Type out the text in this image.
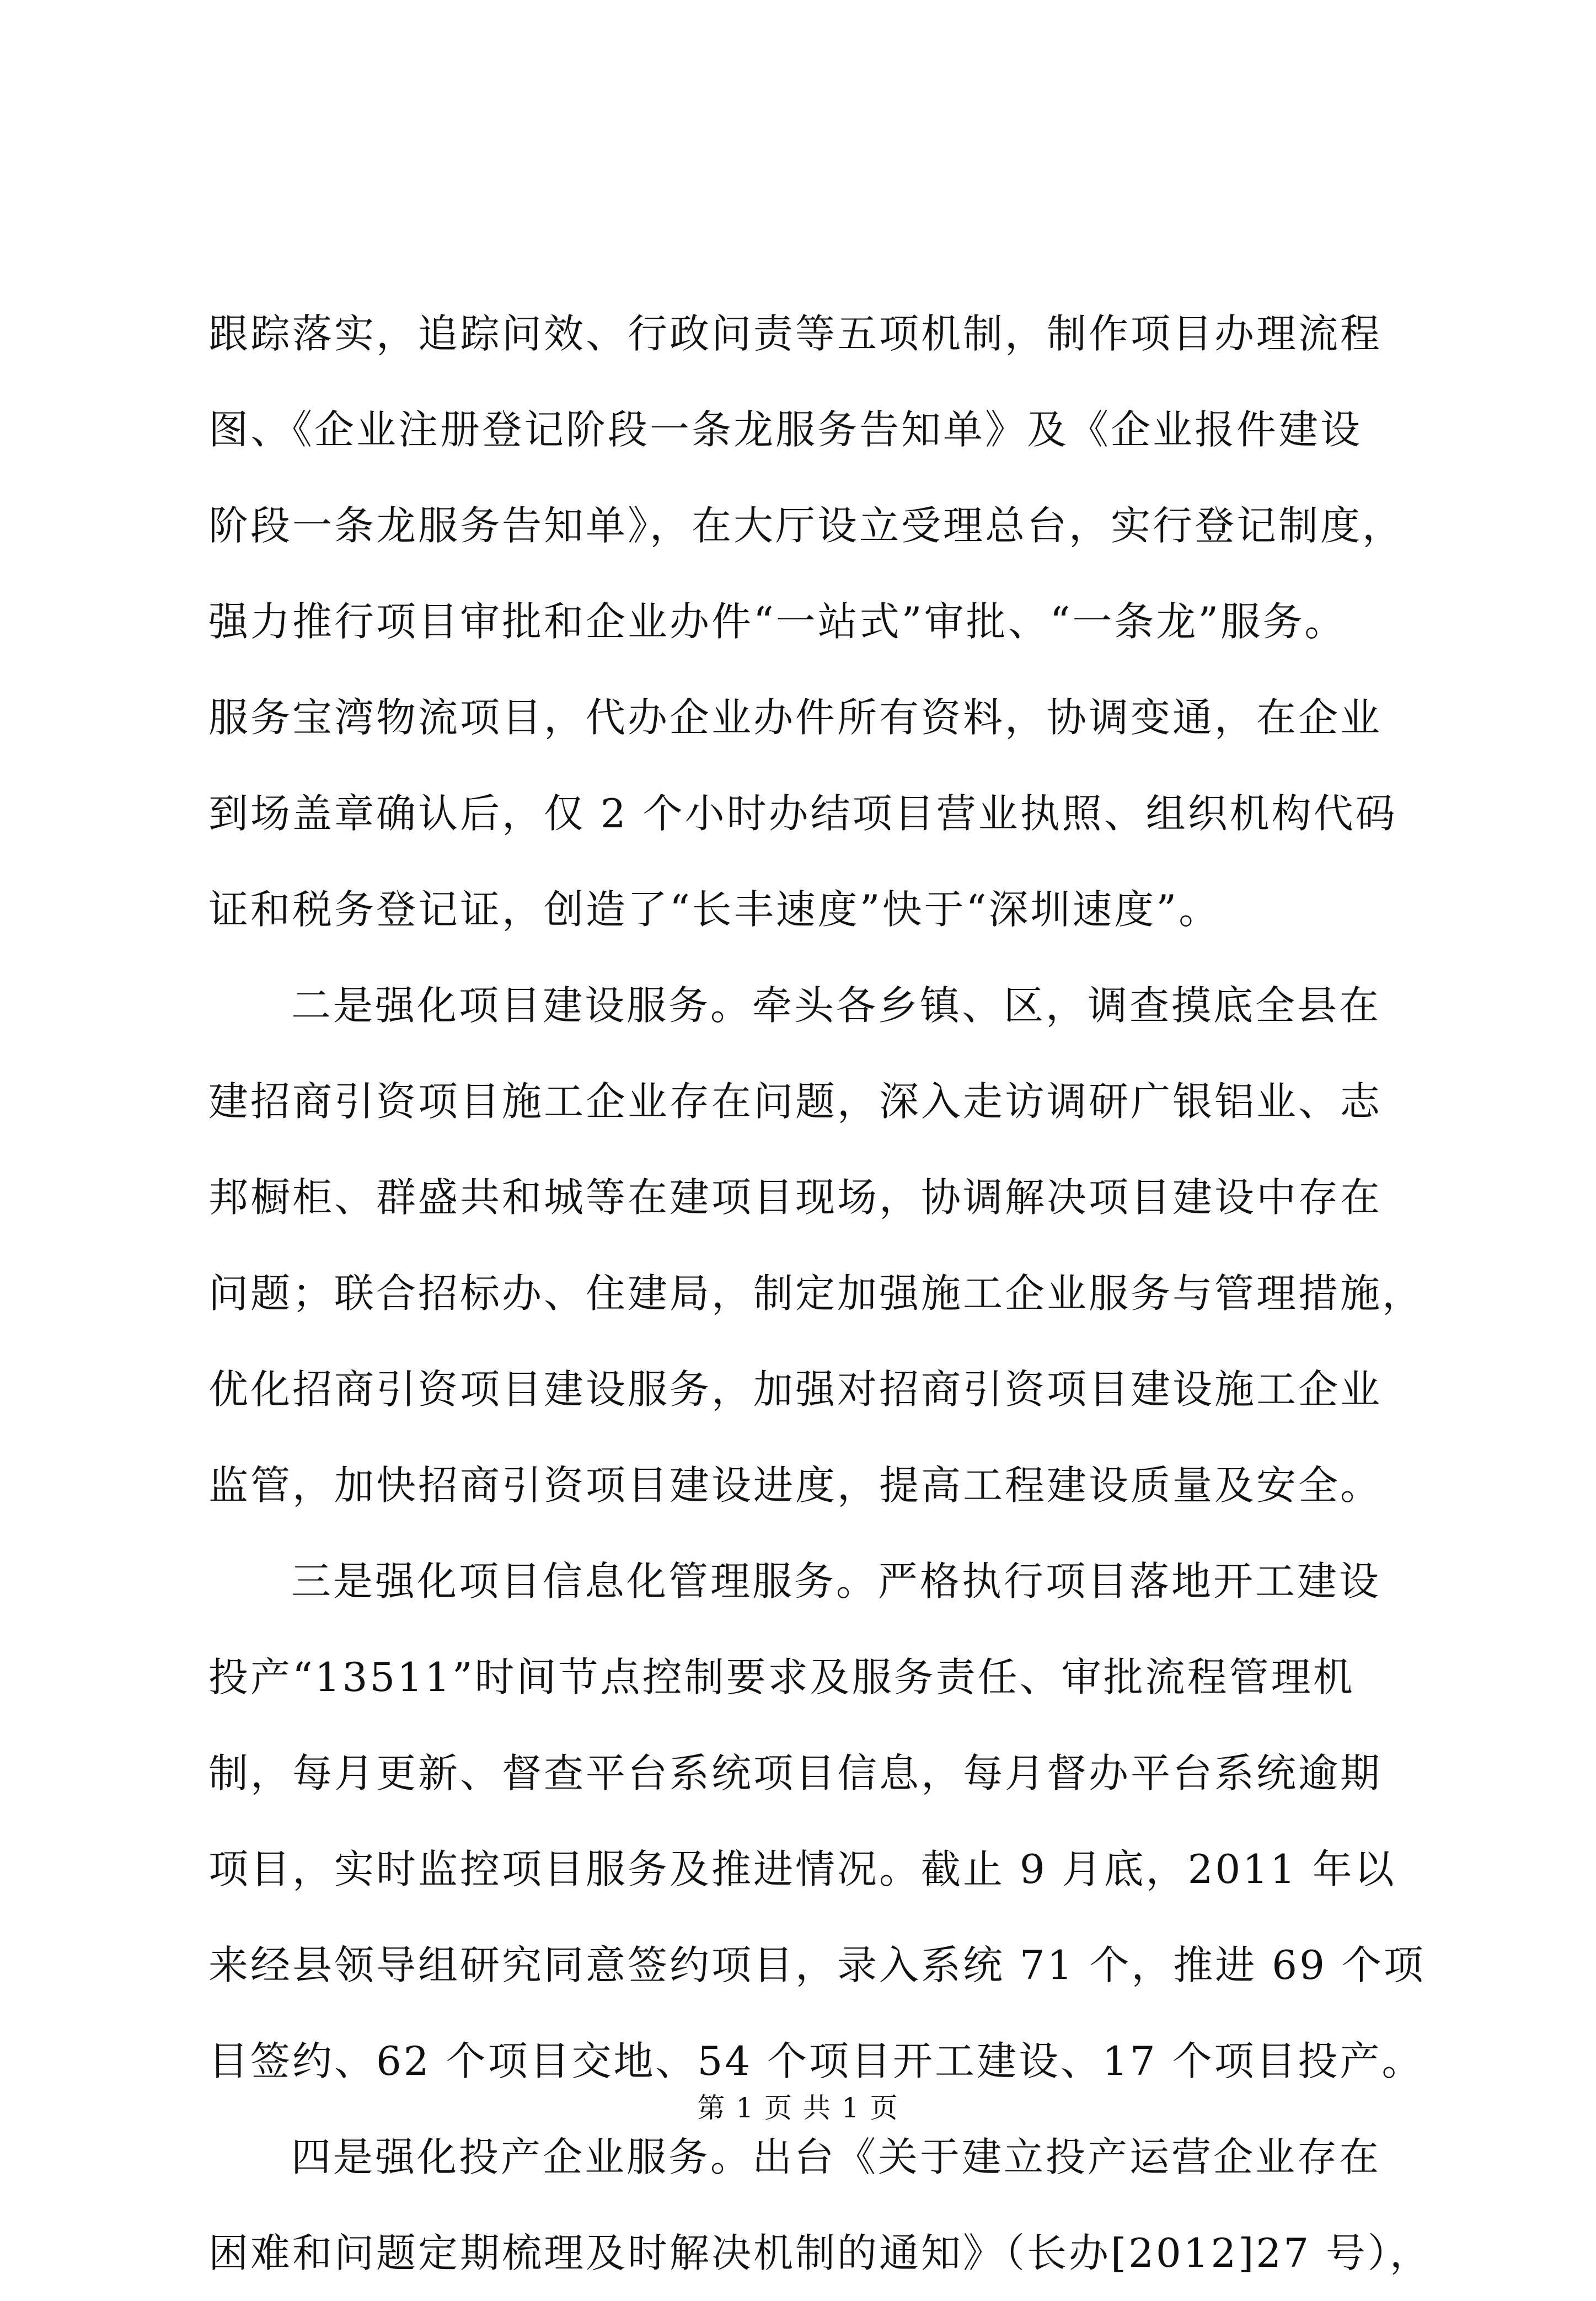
跟踪落实，追踪问效、行政问责等五项机制，制作项目办理流程
图、《企业注册登记阶段一条龙服务告知单》及《企业报件建设
阶段一条龙服务告知单》，在大厅设立受理总台，实行登记制度，
强力推行项目审批和企业办件“一站式”审批、“一条龙”服务。
服务宝湾物流项目，代办企业办件所有资料，协调变通，在企业
到场盖章确认后，仅 2 个小时办结项目营业执照、组织机构代码
证和税务登记证，创造了“长丰速度”快于“深圳速度”。
二是强化项目建设服务。牵头各乡镇、区，调查摸底全县在
建招商引资项目施工企业存在问题，深入走访调研广银铝业、志
邦橱柜、群盛共和城等在建项目现场，协调解决项目建设中存在
问题；联合招标办、住建局，制定加强施工企业服务与管理措施，
优化招商引资项目建设服务，加强对招商引资项目建设施工企业
监管，加快招商引资项目建设进度，提高工程建设质量及安全。
三是强化项目信息化管理服务。严格执行项目落地开工建设
投产“13511”时间节点控制要求及服务责任、审批流程管理机
制，每月更新、督查平台系统项目信息，每月督办平台系统逾期
项目，实时监控项目服务及推进情况。截止 9 月底，2011 年以
来经县领导组研究同意签约项目，录入系统 71 个，推进 69 个项
目签约、62 个项目交地、54 个项目开工建设、17 个项目投产。
四是强化投产企业服务。出台《关于建立投产运营企业存在
困难和问题定期梳理及时解决机制的通知》（长办[2012]27 号），
第 1 页 共 1 页
